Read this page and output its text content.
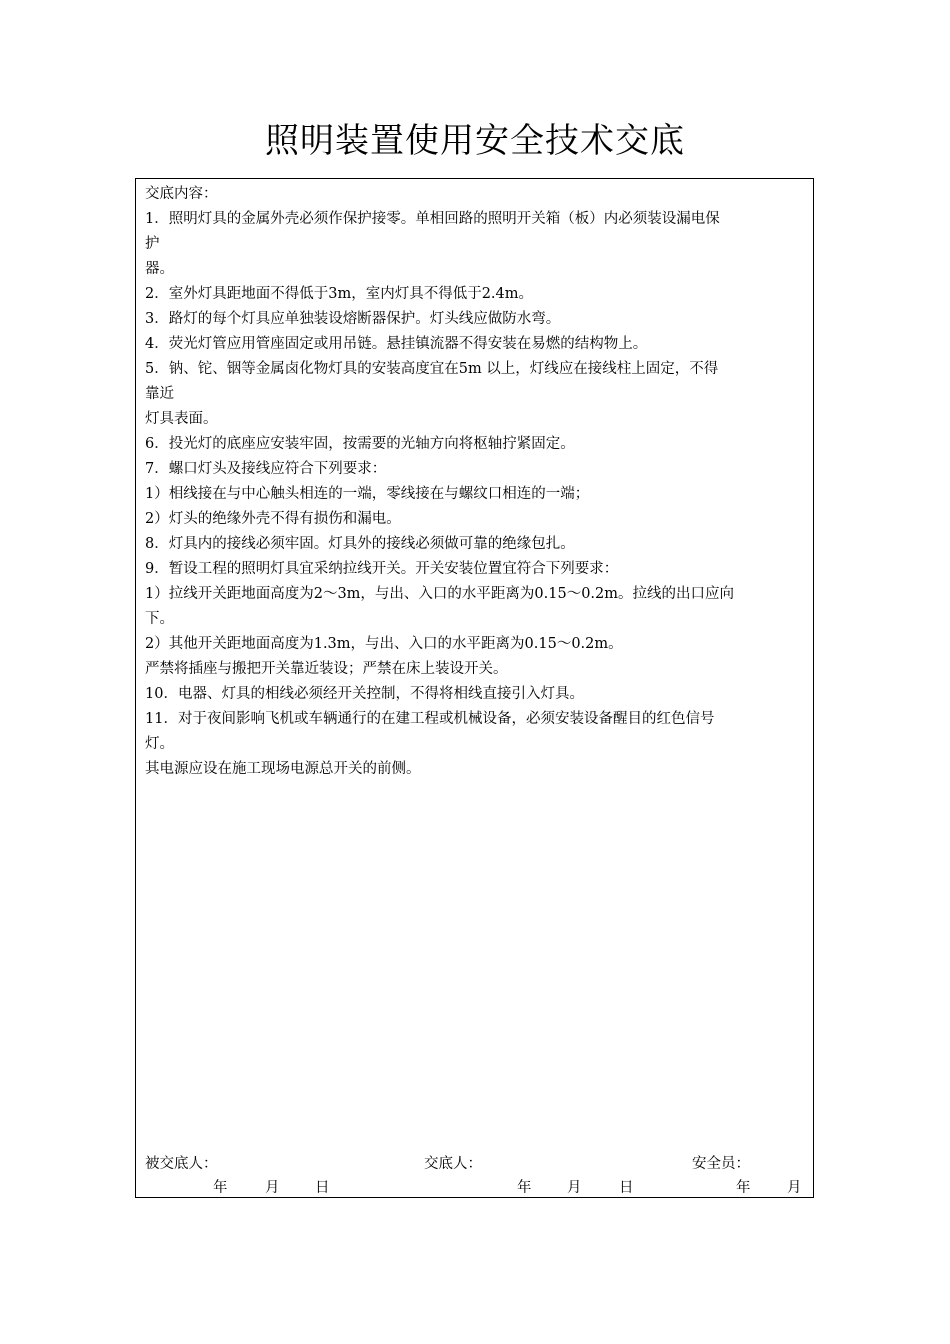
照明装置使用安全技术交底
交底内容：
1．照明灯具的金属外壳必须作保护接零。单相回路的照明开关箱（板）内必须装设漏电保
护
器。
2．室外灯具距地面不得低于3m，室内灯具不得低于2.4m。
3．路灯的每个灯具应单独装设熔断器保护。灯头线应做防水弯。
4．荧光灯管应用管座固定或用吊链。悬挂镇流器不得安装在易燃的结构物上。
5．钠、铊、铟等金属卤化物灯具的安装高度宜在5m 以上，灯线应在接线柱上固定，不得
靠近
灯具表面。
6．投光灯的底座应安装牢固，按需要的光轴方向将枢轴拧紧固定。
7．螺口灯头及接线应符合下列要求：
1）相线接在与中心触头相连的一端，零线接在与螺纹口相连的一端；
2）灯头的绝缘外壳不得有损伤和漏电。
8．灯具内的接线必须牢固。灯具外的接线必须做可靠的绝缘包扎。
9．暂设工程的照明灯具宜采纳拉线开关。开关安装位置宜符合下列要求：
1）拉线开关距地面高度为2～3m，与出、入口的水平距离为0.15～0.2m。拉线的出口应向
下。
2）其他开关距地面高度为1.3m，与出、入口的水平距离为0.15～0.2m。
严禁将插座与搬把开关靠近装设；严禁在床上装设开关。
10．电器、灯具的相线必须经开关控制，不得将相线直接引入灯具。
11．对于夜间影响飞机或车辆通行的在建工程或机械设备，必须安装设备醒目的红色信号
灯。
其电源应设在施工现场电源总开关的前侧。
被交底人：	交底人：	安全员：
年	月 日	年 月	日	年	月
